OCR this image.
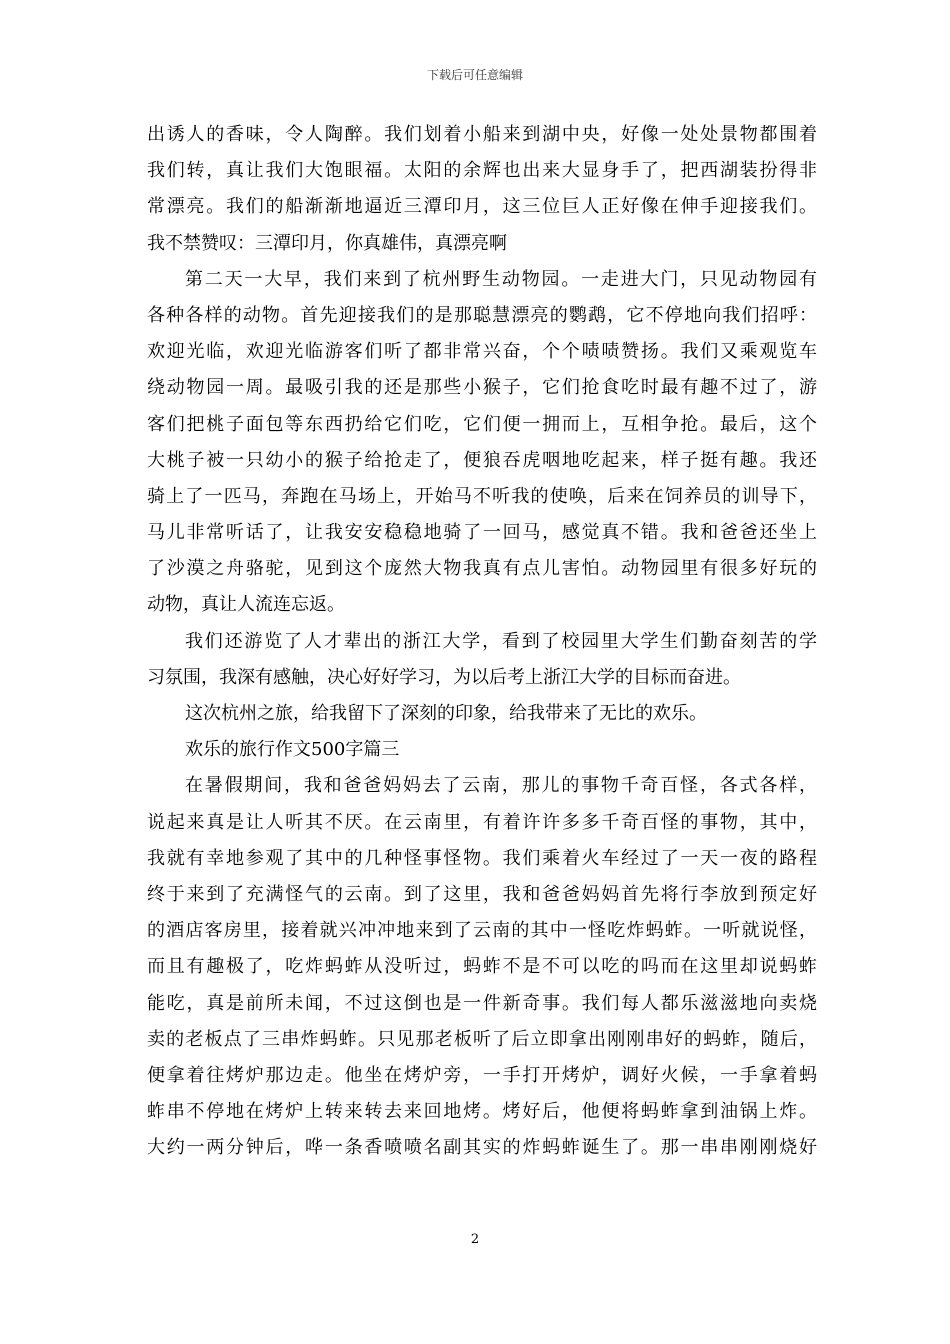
下载后可任意编辑
出诱人的香味，令人陶醉。我们划着小船来到湖中央，好像一处处景物都围着
我们转，真让我们大饱眼福。太阳的余辉也出来大显身手了，把西湖装扮得非
常漂亮。我们的船渐渐地逼近三潭印月，这三位巨人正好像在伸手迎接我们。
我不禁赞叹：三潭印月，你真雄伟，真漂亮啊
第二天一大早，我们来到了杭州野生动物园。一走进大门，只见动物园有
各种各样的动物。首先迎接我们的是那聪慧漂亮的鹦鹉，它不停地向我们招呼：
欢迎光临，欢迎光临游客们听了都非常兴奋，个个啧啧赞扬。我们又乘观览车
绕动物园一周。最吸引我的还是那些小猴子，它们抢食吃时最有趣不过了，游
客们把桃子面包等东西扔给它们吃，它们便一拥而上，互相争抢。最后，这个
大桃子被一只幼小的猴子给抢走了，便狼吞虎咽地吃起来，样子挺有趣。我还
骑上了一匹马，奔跑在马场上，开始马不听我的使唤，后来在饲养员的训导下，
马儿非常听话了，让我安安稳稳地骑了一回马，感觉真不错。我和爸爸还坐上
了沙漠之舟骆驼，见到这个庞然大物我真有点儿害怕。动物园里有很多好玩的
动物，真让人流连忘返。
我们还游览了人才辈出的浙江大学，看到了校园里大学生们勤奋刻苦的学
习氛围，我深有感触，决心好好学习，为以后考上浙江大学的目标而奋进。
这次杭州之旅，给我留下了深刻的印象，给我带来了无比的欢乐。
欢乐的旅行作文500字篇三
在暑假期间，我和爸爸妈妈去了云南，那儿的事物千奇百怪，各式各样，
说起来真是让人听其不厌。在云南里，有着许许多多千奇百怪的事物，其中，
我就有幸地参观了其中的几种怪事怪物。我们乘着火车经过了一天一夜的路程
终于来到了充满怪气的云南。到了这里，我和爸爸妈妈首先将行李放到预定好
的酒店客房里，接着就兴冲冲地来到了云南的其中一怪吃炸蚂蚱。一听就说怪，
而且有趣极了，吃炸蚂蚱从没听过，蚂蚱不是不可以吃的吗而在这里却说蚂蚱
能吃，真是前所未闻，不过这倒也是一件新奇事。我们每人都乐滋滋地向卖烧
卖的老板点了三串炸蚂蚱。只见那老板听了后立即拿出刚刚串好的蚂蚱，随后，
便拿着往烤炉那边走。他坐在烤炉旁，一手打开烤炉，调好火候，一手拿着蚂
蚱串不停地在烤炉上转来转去来回地烤。烤好后，他便将蚂蚱拿到油锅上炸。
大约一两分钟后，哗一条香喷喷名副其实的炸蚂蚱诞生了。那一串串刚刚烧好
2
